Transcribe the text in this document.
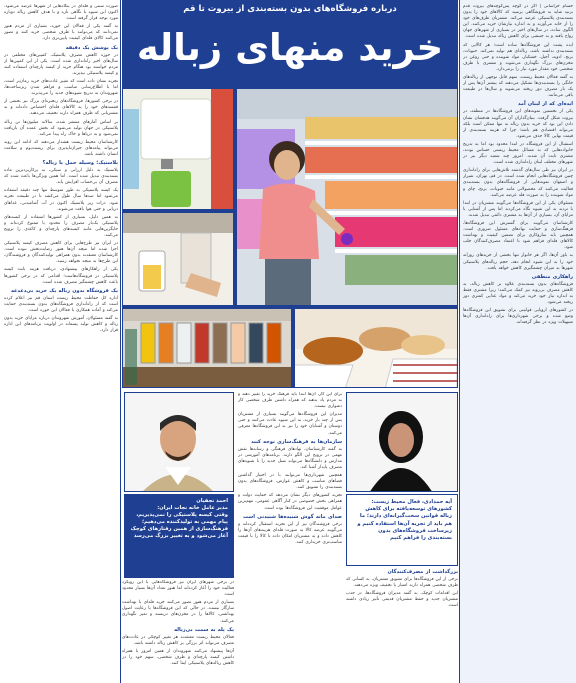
حسام خراسانی | اگر در کوچه پس‌کوچه‌های بیروت قدم بزنید شاید به فروشگاهی برسید که کالاهای خود را بدون بسته‌بندی پلاستیکی عرضه می‌کند. مشتریان ظرف‌های خود را از خانه می‌آورند و به اندازه نیازشان خرید می‌کنند. این الگوی ساده، در سال‌های اخیر در بسیاری از شهرهای جهان رواج یافته و به جنبشی برای کاهش زباله تبدیل شده است.

ایده پشت این فروشگاه‌ها ساده است؛ هر کالایی که بسته‌بندی نداشته باشد، زباله‌ای هم تولید نمی‌کند. حبوبات، برنج، ادویه، آجیل، خشکبار، مواد شوینده و حتی روغن در مخزن‌های بزرگ نگهداری می‌شوند و مشتری با ظرف شخصی خود مقدار مورد نیاز را برمی‌دارد.

به گفته فعالان محیط زیست، سهم قابل توجهی از زباله‌های خانگی را بسته‌بندی‌ها تشکیل می‌دهند که بیشتر آن‌ها پس از یک بار مصرف دور ریخته می‌شوند و سال‌ها در طبیعت باقی می‌مانند.

ایده‌ای که از لبنان آمد

یکی از نخستین نمونه‌های این فروشگاه‌ها در منطقه، در بیروت شکل گرفت. بنیان‌گذاران آن می‌گویند هدفشان نشان دادن این بود که خرید بدون زباله نه تنها ممکن است بلکه می‌تواند اقتصادی هم باشد؛ چرا که هزینه بسته‌بندی از قیمت نهایی کالا حذف می‌شود.

استقبال از این فروشگاه در ابتدا محدود بود اما به تدریج خانواده‌هایی که به مسائل محیط زیستی حساس بودند، مشتری ثابت آن شدند. امروز چند شعبه دیگر نیز در شهرهای مختلف لبنان راه‌اندازی شده است.

در ایران نیز طی سال‌های گذشته تلاش‌هایی برای راه‌اندازی چنین فروشگاه‌هایی انجام شده است. در قم، تهران، شیراز و اصفهان نمونه‌هایی از فروشگاه‌های بدون بسته‌بندی فعالیت می‌کنند که محصولاتی مانند حبوبات، برنج، چای و مواد شوینده را به صورت فله عرضه می‌کنند.

مسئولان یکی از این فروشگاه‌ها می‌گویند مشتریان در ابتدا با تردید به این شیوه نگاه می‌کردند اما پس از آشنایی با مزایای آن، بسیاری از آن‌ها به مشتری دائمی تبدیل شدند.

کارشناسان می‌گویند برای گسترش این فروشگاه‌ها، فرهنگ‌سازی و حمایت نهادهای مسئول ضروری است. همچنین باید سازوکاری برای تضمین کیفیت و بهداشت کالاهای فله‌ای فراهم شود تا اعتماد مصرف‌کنندگان جلب شود.

به باور آن‌ها، اگر هر خانوار تنها بخشی از خریدهای روزانه خود را به این شیوه انجام دهد، حجم زباله‌های پلاستیکی شهرها به میزان چشمگیری کاهش خواهد یافت.

راهکاری منطقی

فروشگاه‌های بدون بسته‌بندی علاوه بر کاهش زباله، به کاهش مصرف بی‌رویه نیز کمک می‌کنند؛ زیرا مشتری فقط به اندازه نیاز خود خرید می‌کند و مواد غذایی کمتری دور ریخته می‌شود.

در کشورهای اروپایی قوانینی برای تشویق این فروشگاه‌ها وضع شده و برخی شهرداری‌ها برای راه‌اندازی آن‌ها تسهیلات ویژه در نظر گرفته‌اند.

صورت سنتی و فله‌ای در بنگاه‌هایی از شهرها عرضه می‌شود. اکنون این شیوه با نگاهی تازه و با هدف کاهش زباله دوباره مورد توجه قرار گرفته است.

به گفته یکی از فعالان این حوزه، بسیاری از مردم هنوز نمی‌دانند که می‌توانند با ظرف شخصی خرید کنند و تصور می‌کنند کالای فله‌ای کیفیت پایین‌تری دارد.

یک پوشش یک دقیقه

در حوزه کاهش مصرف پلاستیک، کمپین‌های مختلفی در سال‌های اخیر راه‌اندازی شده است. یکی از این کمپین‌ها از مردم خواسته بود هنگام خرید از کیسه پارچه‌ای استفاده کنند و کیسه پلاستیکی نپذیرند.

تجربه نشان داده است که تغییر عادت‌های خرید زمان‌بر است، اما با اطلاع‌رسانی مناسب و فراهم شدن زیرساخت‌ها، شهروندان به تدریج شیوه‌های جدید را می‌پذیرند.

در برخی کشورها، فروشگاه‌های زنجیره‌ای بزرگ نیز بخشی از قفسه‌های خود را به کالاهای فله‌ای اختصاص داده‌اند و به مشتریانی که ظرف همراه دارند تخفیف می‌دهند.

بر اساس آمارهای منتشر شده، سالانه میلیون‌ها تن زباله پلاستیکی در جهان تولید می‌شود که بخش عمده آن بازیافت نمی‌شود و به دریاها و خاک راه پیدا می‌کند.

کارشناسان محیط زیست هشدار می‌دهند که ادامه این روند می‌تواند پیامدهای جبران‌ناپذیری برای زیست‌بوم و سلامت انسان داشته باشد.

پلاستیک؛ وسیله حمل یا زباله؟

پلاستیک به دلیل ارزانی و سبکی، به پرکاربردترین ماده بسته‌بندی تبدیل شده است. اما همین ویژگی‌ها باعث شده که مصرف آن بی‌حساب افزایش یابد.

یک کیسه پلاستیکی به طور متوسط تنها چند دقیقه استفاده می‌شود اما صدها سال طول می‌کشد تا در طبیعت تجزیه شود. ذرات ریز پلاستیک اکنون در آب آشامیدنی، غذاهای دریایی و حتی هوا یافت می‌شوند.

به همین دلیل، بسیاری از کشورها استفاده از کیسه‌های پلاستیکی یک‌بار مصرف را محدود یا ممنوع کرده‌اند و جایگزین‌هایی مانند کیسه‌های پارچه‌ای و کاغذی را ترویج می‌کنند.

در ایران نیز طرح‌هایی برای کاهش مصرف کیسه پلاستیکی اجرا شده اما نتیجه آن‌ها هنوز رضایت‌بخش نبوده است. کارشناسان معتقدند بدون همراهی تولیدکنندگان و فروشندگان، این طرح‌ها به نتیجه نخواهد رسید.

یکی از راهکارهای پیشنهادی، دریافت هزینه بابت کیسه پلاستیکی در فروشگاه‌هاست؛ اقدامی که در برخی کشورها باعث کاهش چشمگیر مصرف شده است.

یک فروشگاه بدون زباله یک خرید بی‌دغدغه

اداره کل حفاظت محیط زیست استان قم نیز اعلام کرده است که از راه‌اندازی فروشگاه‌های بدون بسته‌بندی حمایت می‌کند و آماده همکاری با فعالان این حوزه است.

به گفته مسئولان، آموزش شهروندان درباره مزایای خرید بدون زباله و کاهش تولید پسماند در اولویت برنامه‌های این اداره قرار دارد.

درباره فروشگاه‌های بدون بسته‌بندی از بیروت تا قم
خرید منهای زباله

برای این کار، آن‌ها ابتدا باید فرهنگ خرید را تغییر دهند و به مردم یاد بدهند که همراه داشتن ظرف شخصی کار دشواری نیست.

مدیران این فروشگاه‌ها می‌گویند بسیاری از مشتریان پس از چند بار خرید، به این شیوه عادت می‌کنند و حتی دوستان و آشنایان خود را نیز به این فروشگاه‌ها معرفی می‌کنند.

سازمان‌ها به فرهنگ‌سازی توجه کنند

به گفته کارشناسان، نهادهای فرهنگی و رسانه‌ها نقش مهمی در ترویج این الگو دارند. برنامه‌های آموزشی در مدارس و دانشگاه‌ها می‌تواند نسل جدید را با شیوه‌های مصرف پایدار آشنا کند.

همچنین شهرداری‌ها می‌توانند با در اختیار گذاشتن فضاهای مناسب و کاهش عوارض، فروشگاه‌های بدون بسته‌بندی را تشویق کنند.

تجربه کشورهای دیگر نشان می‌دهد که حمایت دولت و همراهی بخش خصوصی در کنار آگاهی عمومی، مهم‌ترین عوامل موفقیت این فروشگاه‌ها بوده است.

صدای مانه گوش شنیده‌ها شنیدنی است

برخی فروشندگان نیز از این تجربه استقبال کرده‌اند و می‌گویند عرضه کالا به صورت فله‌ای هزینه‌های آن‌ها را کاهش داده و به مشتریان امکان داده تا کالا را با قیمت مناسب‌تری خریداری کنند.

در برخی شهرهای ایران نیز فروشگاه‌هایی با این رویکرد فعالیت خود را آغاز کرده‌اند اما هنوز تعداد آن‌ها بسیار محدود است.

بسیاری از مردم هنوز تصور می‌کنند خرید فله‌ای با بهداشت سازگار نیست، در حالی که این فروشگاه‌ها با رعایت اصول بهداشتی، کالاها را در مخزن‌های دربسته و تمیز نگهداری می‌کنند.

یک پله به سمت بی‌زباله

فعالان محیط زیست معتقدند هر تغییر کوچکی در عادت‌های مصرف می‌تواند اثر بزرگی بر کاهش زباله داشته باشد.

آن‌ها پیشنهاد می‌کنند شهروندان از همین امروز با همراه داشتن کیسه پارچه‌ای و ظرف شخصی، سهم خود را در کاهش زباله‌های پلاستیکی ایفا کنند.

بزرگداشت از مصرف‌کنندگان

برخی از این فروشگاه‌ها برای تشویق مشتریان، به کسانی که ظرف شخصی همراه دارند امتیاز یا تخفیف ویژه می‌دهند.

این اقدامات کوچک، به گفته مدیران فروشگاه‌ها، در جذب مشتریان جدید و حفظ مشتریان قدیمی تأثیر زیادی داشته است.

احمد نجفیان
مدیر عامل خانه نجات ایران:
وقتی کیسه پلاستیکی را نمی‌پذیریم، پیام مهمی به تولیدکننده می‌دهیم؛ فرهنگ‌سازی از همین رفتارهای کوچک آغاز می‌شود و به تغییر بزرگ می‌رسد
آیه حمدادی، فعال محیط زیست:
کشورهای توسعه‌یافته برای کاهش زباله قوانین سخت‌گیرانه‌ای دارند؛ ما هم باید از تجربه آن‌ها استفاده کنیم و زیرساخت فروشگاه‌های بدون بسته‌بندی را فراهم کنیم
